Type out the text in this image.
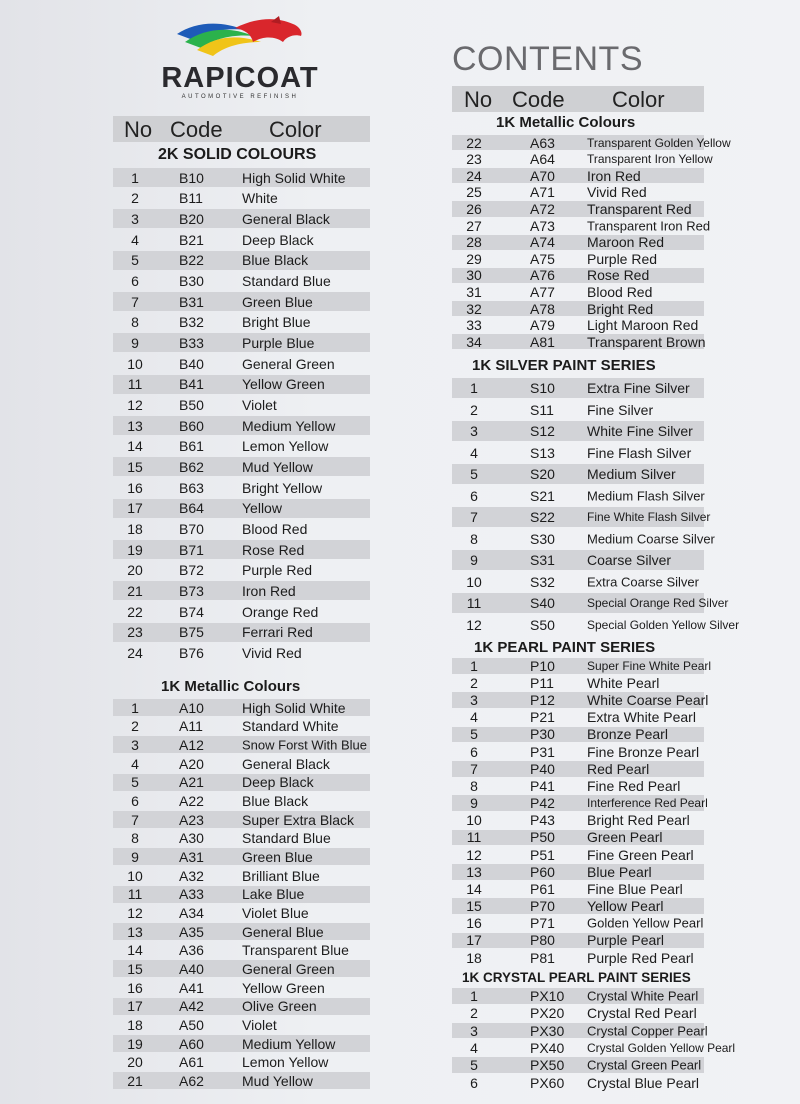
RAPICOAT
AUTOMOTIVE REFINISH
CONTENTS
No Code Color
No Code Color
2K SOLID COLOURS
1	B10	High Solid White
2	B11	White
3	B20	General Black
4	B21	Deep Black
5	B22	Blue Black
6	B30	Standard Blue
7	B31	Green Blue
8	B32	Bright Blue
9	B33	Purple Blue
10	B40	General Green
11	B41	Yellow Green
12	B50	Violet
13	B60	Medium Yellow
14	B61	Lemon Yellow
15	B62	Mud Yellow
16	B63	Bright Yellow
17	B64	Yellow
18	B70	Blood Red
19	B71	Rose Red
20	B72	Purple Red
21	B73	Iron Red
22	B74	Orange Red
23	B75	Ferrari Red
24	B76	Vivid Red
1K Metallic Colours
1	A10	High Solid White
2	A11	Standard White
3	A12	Snow Forst With Blue
4	A20	General Black
5	A21	Deep Black
6	A22	Blue Black
7	A23	Super Extra Black
8	A30	Standard Blue
9	A31	Green Blue
10	A32	Brilliant Blue
11	A33	Lake Blue
12	A34	Violet Blue
13	A35	General Blue
14	A36	Transparent Blue
15	A40	General Green
16	A41	Yellow Green
17	A42	Olive Green
18	A50	Violet
19	A60	Medium Yellow
20	A61	Lemon Yellow
21	A62	Mud Yellow
1K Metallic Colours
22	A63	Transparent Golden Yellow
23	A64	Transparent Iron Yellow
24	A70 Iron Red
25	A71 Vivid Red
26	A72 Transparent Red
27	A73 Transparent Iron Red
28	A74 Maroon Red
29	A75 Purple Red
30	A76 Rose Red
31	A77 Blood Red
32	A78 Bright Red
33	A79 Light Maroon Red
34	A81 Transparent Brown
1K SILVER PAINT SERIES
1	S10 Extra Fine Silver
2	S11 Fine Silver
3	S12 White Fine Silver
4	S13 Fine Flash Silver
5	S20 Medium Silver
6	S21 Medium Flash Silver
7	S22	Fine White Flash Silver
8	S30 Medium Coarse Silver
9	S31 Coarse Silver
10	S32 Extra Coarse Silver
11	S40	Special Orange Red Silver
12	S50	Special Golden Yellow Silver
1K PEARL PAINT SERIES
1	P10	Super Fine White Pearl
2	P11 White Pearl
3	P12 White Coarse Pearl
4	P21 Extra White Pearl
5	P30 Bronze Pearl
6	P31 Fine Bronze Pearl
7	P40 Red Pearl
8	P41 Fine Red Pearl
9	P42	Interference Red Pearl
10	P43 Bright Red Pearl
11	P50 Green Pearl
12	P51 Fine Green Pearl
13	P60 Blue Pearl
14	P61 Fine Blue Pearl
15	P70 Yellow Pearl
16	P71 Golden Yellow Pearl
17	P80 Purple Pearl
18	P81 Purple Red Pearl
1K CRYSTAL PEARL PAINT SERIES
1	PX10 Crystal White Pearl
2	PX20 Crystal Red Pearl
3	PX30 Crystal Copper Pearl
4	PX40 Crystal Golden Yellow Pearl
5	PX50 Crystal Green Pearl
6	PX60 Crystal Blue Pearl
